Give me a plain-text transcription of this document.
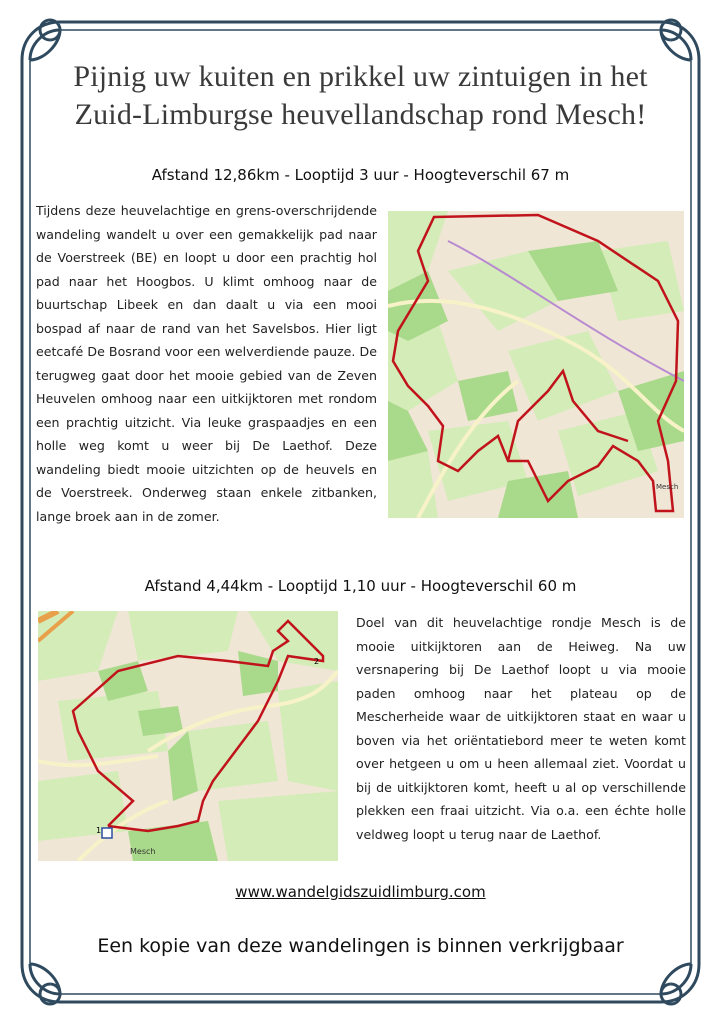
Pijnig uw kuiten en prikkel uw zintuigen in het Zuid-Limburgse heuvellandschap rond Mesch!
Afstand 12,86km - Looptijd 3 uur - Hoogteverschil 67 m

Tijdens deze heuvelachtige en grens-overschrijdende wandeling wandelt u over een gemakkelijk pad naar de Voerstreek (BE) en loopt u door een prachtig hol pad naar het Hoogbos. U klimt omhoog naar de buurtschap Libeek en dan daalt u via een mooi bospad af naar de rand van het Savelsbos. Hier ligt eetcafé De Bosrand voor een welverdiende pauze. De terugweg gaat door het mooie gebied van de Zeven Heuvelen omhoog naar een uitkijktoren met rondom een prachtig uitzicht. Via leuke graspaadjes en een holle weg komt u weer bij De Laethof. Deze wandeling biedt mooie uitzichten op de heuvels en de Voerstreek. Onderweg staan enkele zitbanken, lange broek aan in de zomer.

Mesch
Afstand 4,44km - Looptijd 1,10 uur - Hoogteverschil 60 m
1
2
Mesch

Doel van dit heuvelachtige rondje Mesch is de mooie uitkijktoren aan de Heiweg. Na uw versnapering bij De Laethof loopt u via mooie paden omhoog naar het plateau op de Mescherheide waar de uitkijktoren staat en waar u boven via het oriëntatiebord meer te weten komt over hetgeen u om u heen allemaal ziet. Voordat u bij de uitkijktoren komt, heeft u al op verschillende plekken een fraai uitzicht. Via o.a. een échte holle veldweg loopt u terug naar de Laethof.

www.wandelgidszuidlimburg.com
Een kopie van deze wandelingen is binnen verkrijgbaar
